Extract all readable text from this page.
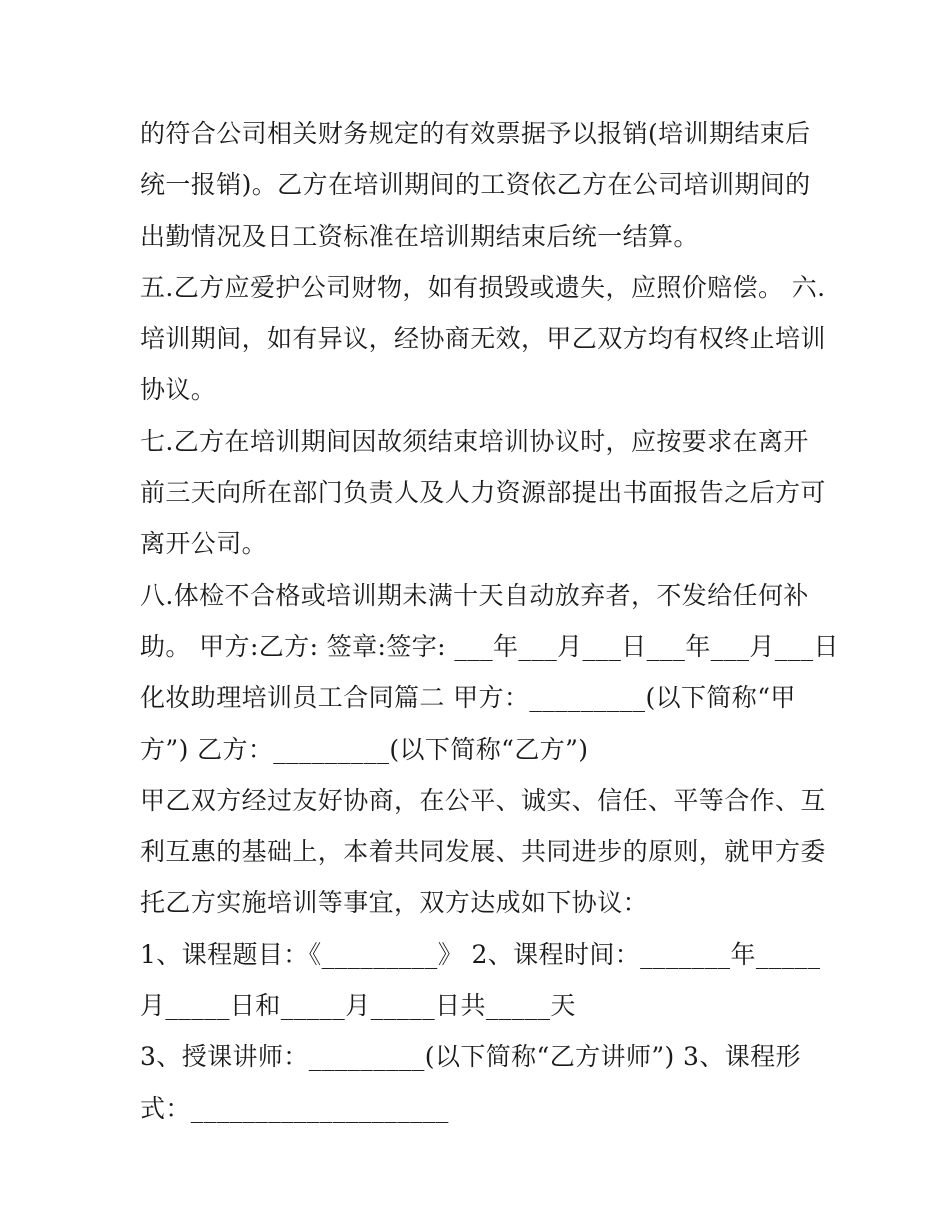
的符合公司相关财务规定的有效票据予以报销(培训期结束后
统一报销)。乙方在培训期间的工资依乙方在公司培训期间的
出勤情况及日工资标准在培训期结束后统一结算。
五.乙方应爱护公司财物，如有损毁或遗失，应照价赔偿。 六.
培训期间，如有异议，经协商无效，甲乙双方均有权终止培训
协议。
七.乙方在培训期间因故须结束培训协议时，应按要求在离开
前三天向所在部门负责人及人力资源部提出书面报告之后方可
离开公司。
八.体检不合格或培训期未满十天自动放弃者，不发给任何补
助。 甲方:乙方: 签章:签字: ___年___月___日___年___月___日
化妆助理培训员工合同篇二 甲方：_________(以下简称“甲
方”) 乙方：_________(以下简称“乙方”)
甲乙双方经过友好协商，在公平、诚实、信任、平等合作、互
利互惠的基础上，本着共同发展、共同进步的原则，就甲方委
托乙方实施培训等事宜，双方达成如下协议：
1、课程题目：《_________》 2、课程时间：_______年_____
月_____日和_____月_____日共_____天
3、授课讲师：_________(以下简称“乙方讲师”) 3、课程形
式：____________________
